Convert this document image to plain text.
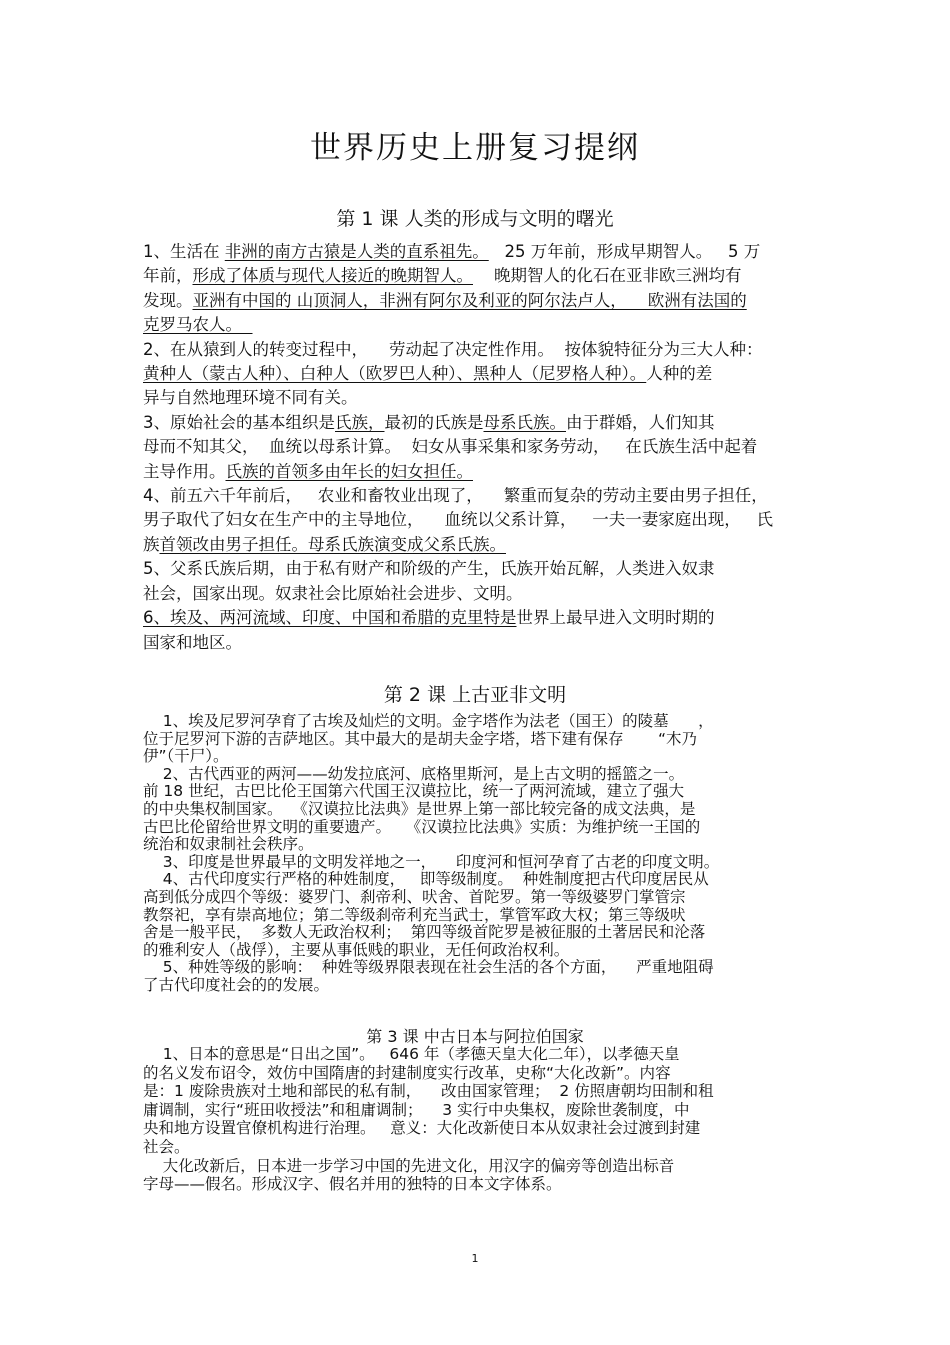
世界历史上册复习提纲
第 1 课 人类的形成与文明的曙光
1、生活在 非洲的南方古猿是人类的直系祖先。   25 万年前，形成早期智人。   5 万
年前，形成了体质与现代人接近的晚期智人。    晚期智人的化石在亚非欧三洲均有
发现。亚洲有中国的 山顶洞人，非洲有阿尔及利亚的阿尔法卢人，    欧洲有法国的
克罗马农人。
2、在从猿到人的转变过程中，    劳动起了决定性作用。  按体貌特征分为三大人种：
黄种人（蒙古人种）、白种人（欧罗巴人种）、黑种人（尼罗格人种）。人种的差
异与自然地理环境不同有关。
3、原始社会的基本组织是氏族，最初的氏族是母系氏族。由于群婚，人们知其
母而不知其父，  血统以母系计算。  妇女从事采集和家务劳动，   在氏族生活中起着
主导作用。氏族的首领多由年长的妇女担任。
4、前五六千年前后，   农业和畜牧业出现了，    繁重而复杂的劳动主要由男子担任，
男子取代了妇女在生产中的主导地位，    血统以父系计算，   一夫一妻家庭出现，   氏
族首领改由男子担任。母系氏族演变成父系氏族。
5、父系氏族后期，由于私有财产和阶级的产生，氏族开始瓦解，人类进入奴隶
社会，国家出现。奴隶社会比原始社会进步、文明。
6、埃及、两河流域、印度、中国和希腊的克里特是世界上最早进入文明时期的
国家和地区。
第 2 课 上古亚非文明
1、埃及尼罗河孕育了古埃及灿烂的文明。金字塔作为法老（国王）的陵墓      ，
位于尼罗河下游的吉萨地区。其中最大的是胡夫金字塔，塔下建有保存       “木乃
伊”（干尸）。
2、古代西亚的两河——幼发拉底河、底格里斯河，是上古文明的摇篮之一。
前 18 世纪，古巴比伦王国第六代国王汉谟拉比，统一了两河流域，建立了强大
的中央集权制国家。  《汉谟拉比法典》是世界上第一部比较完备的成文法典，是
古巴比伦留给世界文明的重要遗产。   《汉谟拉比法典》实质：为维护统一王国的
统治和奴隶制社会秩序。
3、印度是世界最早的文明发祥地之一，    印度河和恒河孕育了古老的印度文明。
4、古代印度实行严格的种姓制度，   即等级制度。  种姓制度把古代印度居民从
高到低分成四个等级：婆罗门、刹帝利、吠舍、首陀罗。第一等级婆罗门掌管宗
教祭祀，享有崇高地位；第二等级刹帝利充当武士，掌管军政大权；第三等级吠
舍是一般平民，  多数人无政治权利；  第四等级首陀罗是被征服的土著居民和沦落
的雅利安人（战俘），主要从事低贱的职业，无任何政治权利。
5、种姓等级的影响：  种姓等级界限表现在社会生活的各个方面，    严重地阻碍
了古代印度社会的的发展。
第 3 课 中古日本与阿拉伯国家
1、日本的意思是“日出之国”。   646 年（孝德天皇大化二年），以孝德天皇
的名义发布诏令，效仿中国隋唐的封建制度实行改革，史称“大化改新”。内容
是：1 废除贵族对土地和部民的私有制，    改由国家管理；  2 仿照唐朝均田制和租
庸调制，实行“班田收授法”和租庸调制；    3 实行中央集权，废除世袭制度，中
央和地方设置官僚机构进行治理。   意义：大化改新使日本从奴隶社会过渡到封建
社会。
大化改新后，日本进一步学习中国的先进文化，用汉字的偏旁等创造出标音
字母——假名。形成汉字、假名并用的独特的日本文字体系。
1
